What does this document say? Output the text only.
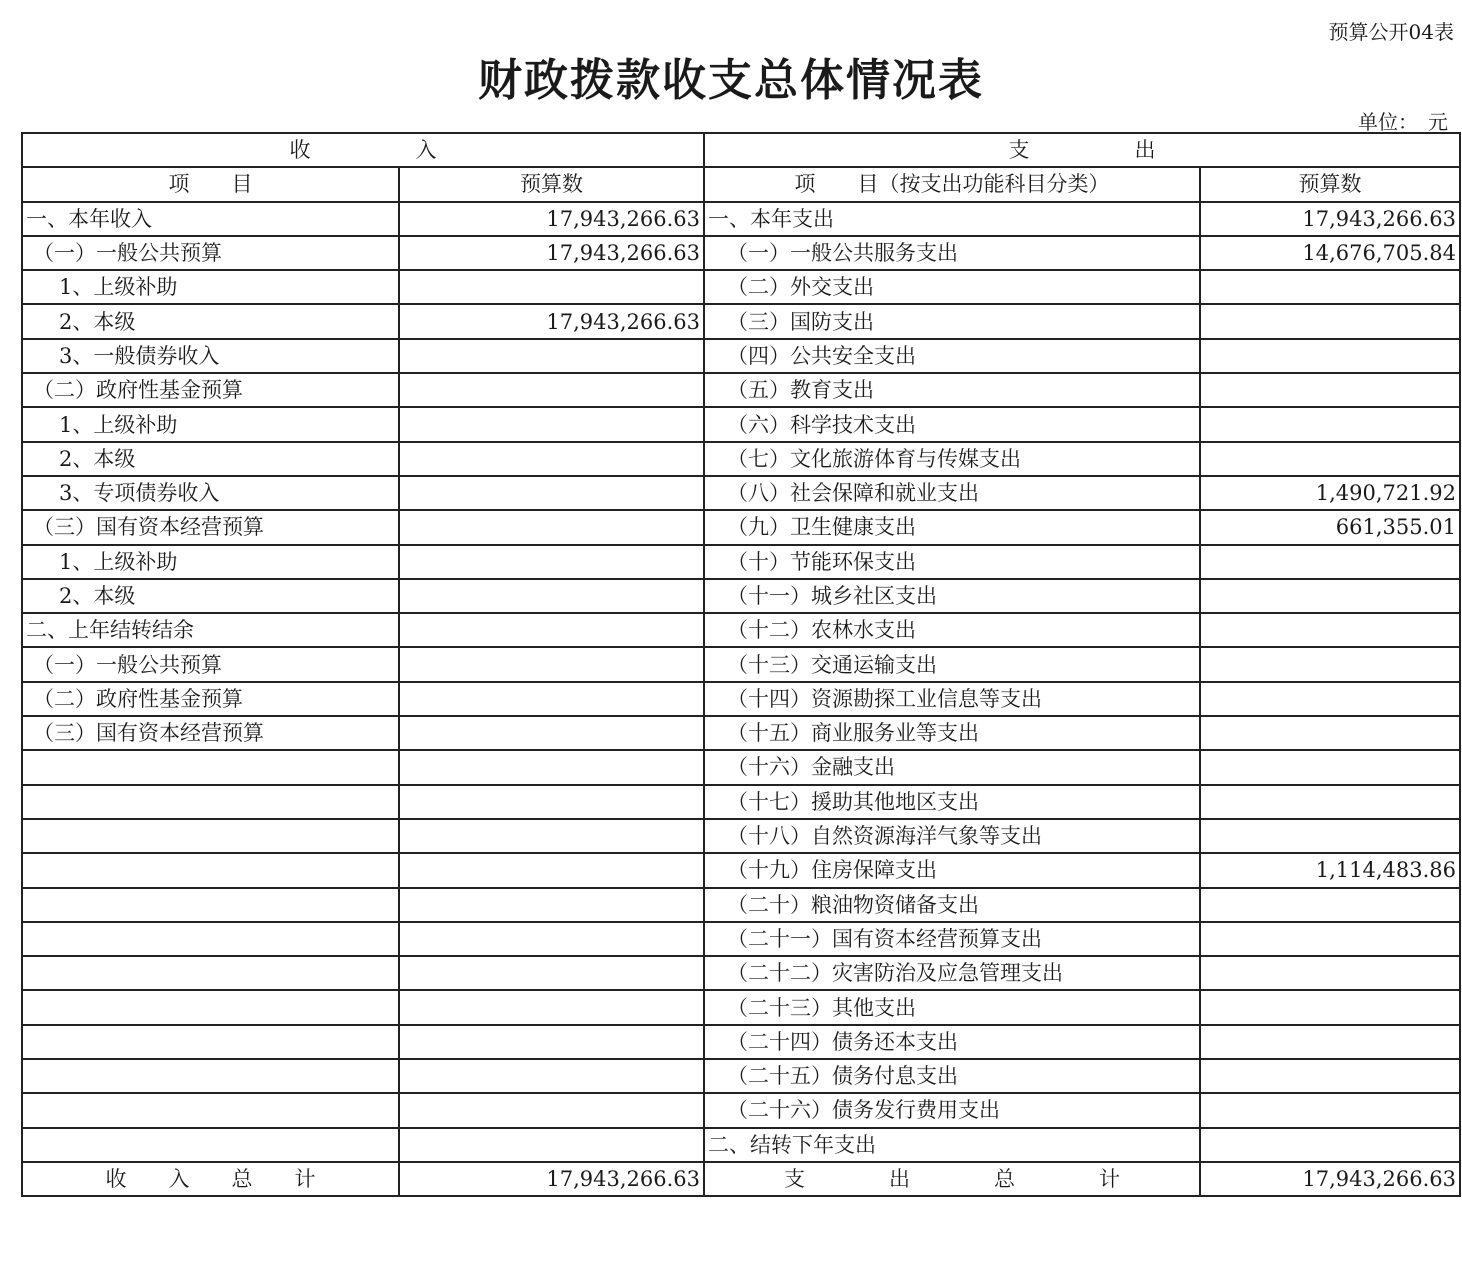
预算公开04表
财政拨款收支总体情况表
单位：　元
收　　　　　入		支　　　　　出	
项　　目	预算数	项　　目（按支出功能科目分类）	预算数
一、本年收入	17,943,266.63	一、本年支出	17,943,266.63
（一）一般公共预算	17,943,266.63	（一）一般公共服务支出	14,676,705.84
1、上级补助		（二）外交支出	
2、本级	17,943,266.63	（三）国防支出	
3、一般债券收入		（四）公共安全支出	
（二）政府性基金预算		（五）教育支出	
1、上级补助		（六）科学技术支出	
2、本级		（七）文化旅游体育与传媒支出	
3、专项债券收入		（八）社会保障和就业支出	1,490,721.92
（三）国有资本经营预算		（九）卫生健康支出	661,355.01
1、上级补助		（十）节能环保支出	
2、本级		（十一）城乡社区支出	
二、上年结转结余		（十二）农林水支出	
（一）一般公共预算		（十三）交通运输支出	
（二）政府性基金预算		（十四）资源勘探工业信息等支出	
（三）国有资本经营预算		（十五）商业服务业等支出	
		（十六）金融支出	
		（十七）援助其他地区支出	
		（十八）自然资源海洋气象等支出	
		（十九）住房保障支出	1,114,483.86
		（二十）粮油物资储备支出	
		（二十一）国有资本经营预算支出	
		（二十二）灾害防治及应急管理支出	
		（二十三）其他支出	
		（二十四）债务还本支出	
		（二十五）债务付息支出	
		（二十六）债务发行费用支出	
		二、结转下年支出	
收　　入　　总　　计	17,943,266.63	支　　　　出　　　　总　　　　计	17,943,266.63
